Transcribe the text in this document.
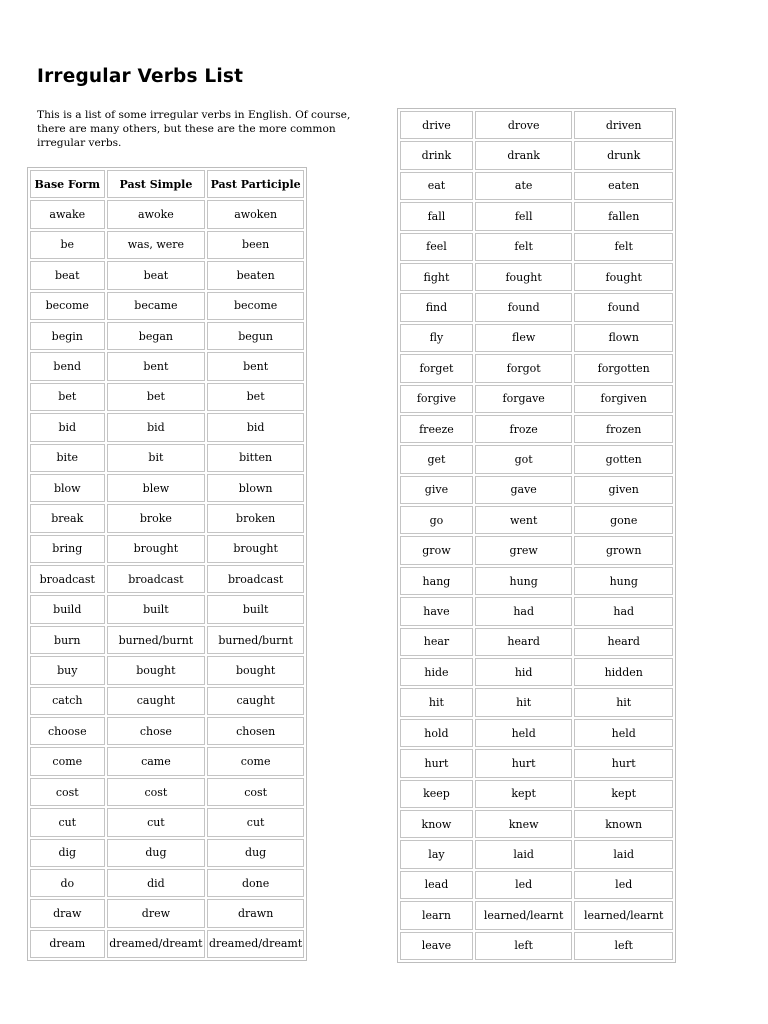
Irregular Verbs List

This is a list of some irregular verbs in English. Of course, there are many others, but these are the more common irregular verbs.

Base Form	Past Simple	Past Participle
awake	awoke	awoken
be	was, were	been
beat	beat	beaten
become	became	become
begin	began	begun
bend	bent	bent
bet	bet	bet
bid	bid	bid
bite	bit	bitten
blow	blew	blown
break	broke	broken
bring	brought	brought
broadcast	broadcast	broadcast
build	built	built
burn	burned/burnt	burned/burnt
buy	bought	bought
catch	caught	caught
choose	chose	chosen
come	came	come
cost	cost	cost
cut	cut	cut
dig	dug	dug
do	did	done
draw	drew	drawn
dream	dreamed/dreamt	dreamed/dreamt
drive	drove	driven
drink	drank	drunk
eat	ate	eaten
fall	fell	fallen
feel	felt	felt
fight	fought	fought
find	found	found
fly	flew	flown
forget	forgot	forgotten
forgive	forgave	forgiven
freeze	froze	frozen
get	got	gotten
give	gave	given
go	went	gone
grow	grew	grown
hang	hung	hung
have	had	had
hear	heard	heard
hide	hid	hidden
hit	hit	hit
hold	held	held
hurt	hurt	hurt
keep	kept	kept
know	knew	known
lay	laid	laid
lead	led	led
learn	learned/learnt	learned/learnt
leave	left	left
